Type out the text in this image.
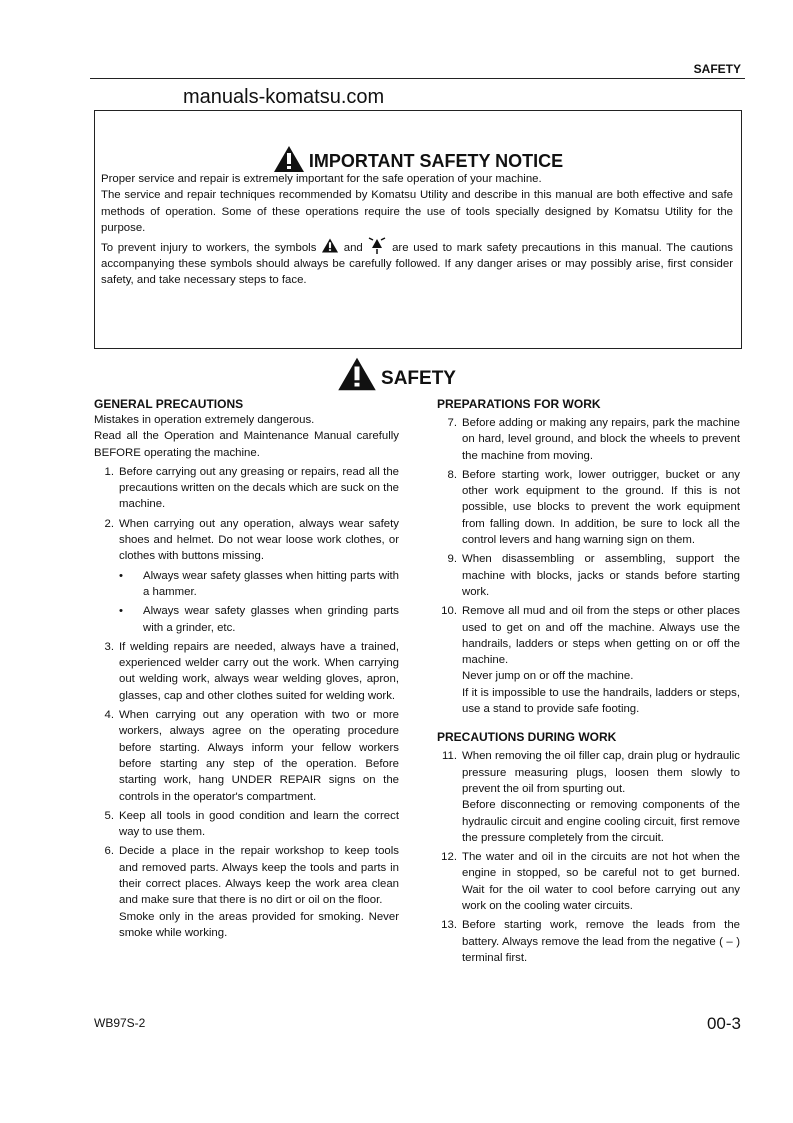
SAFETY
manuals-komatsu.com
IMPORTANT SAFETY NOTICE

Proper service and repair is extremely important for the safe operation of your machine.

The service and repair techniques recommended by Komatsu Utility and describe in this manual are both effective and safe methods of operation. Some of these operations require the use of tools specially designed by Komatsu Utility for the purpose.

To prevent injury to workers, the symbols and	are used to mark safety precautions in this manual. The cautions accompanying these symbols should always be carefully followed. If any danger arises or may possibly arise, first consider safety, and take necessary steps to face.

SAFETY
GENERAL PRECAUTIONS

Mistakes in operation extremely dangerous.

Read all the Operation and Maintenance Manual carefully BEFORE operating the machine.

1. Before carrying out any greasing or repairs, read all the precautions written on the decals which are suck on the machine.

2. When carrying out any operation, always wear safety shoes and helmet. Do not wear loose work clothes, or clothes with buttons missing.

• Always wear safety glasses when hitting parts with a hammer.

• Always wear safety glasses when grinding parts with a grinder, etc.

3. If welding repairs are needed, always have a trained, experienced welder carry out the work. When carrying out welding work, always wear welding gloves, apron, glasses, cap and other clothes suited for welding work.

4. When carrying out any operation with two or more workers, always agree on the operating procedure before starting. Always inform your fellow workers before starting any step of the operation. Before starting work, hang UNDER REPAIR signs on the controls in the operator's compartment.

5. Keep all tools in good condition and learn the correct way to use them.

6. Decide a place in the repair workshop to keep tools and removed parts. Always keep the tools and parts in their correct places. Always keep the work area clean and make sure that there is no dirt or oil on the floor.

Smoke only in the areas provided for smoking. Never smoke while working.

PREPARATIONS FOR WORK
7. Before adding or making any repairs, park the machine on hard, level ground, and block the wheels to prevent the machine from moving.

8. Before starting work, lower outrigger, bucket or any other work equipment to the ground. If this is not possible, use blocks to prevent the work equipment from falling down. In addition, be sure to lock all the control levers and hang warning sign on them.

9. When disassembling or assembling, support the machine with blocks, jacks or stands before starting work.

10. Remove all mud and oil from the steps or other places used to get on and off the machine. Always use the handrails, ladders or steps when getting on or off the machine.

Never jump on or off the machine.

If it is impossible to use the handrails, ladders or steps, use a stand to provide safe footing.

PRECAUTIONS DURING WORK
11. When removing the oil filler cap, drain plug or hydraulic pressure measuring plugs, loosen them slowly to prevent the oil from spurting out.

Before disconnecting or removing components of the hydraulic circuit and engine cooling circuit, first remove the pressure completely from the circuit.

12. The water and oil in the circuits are not hot when the engine in stopped, so be careful not to get burned. Wait for the oil water to cool before carrying out any work on the cooling water circuits.

13. Before starting work, remove the leads from the battery. Always remove the lead from the negative ( – ) terminal first.

WB97S-2	00-3
